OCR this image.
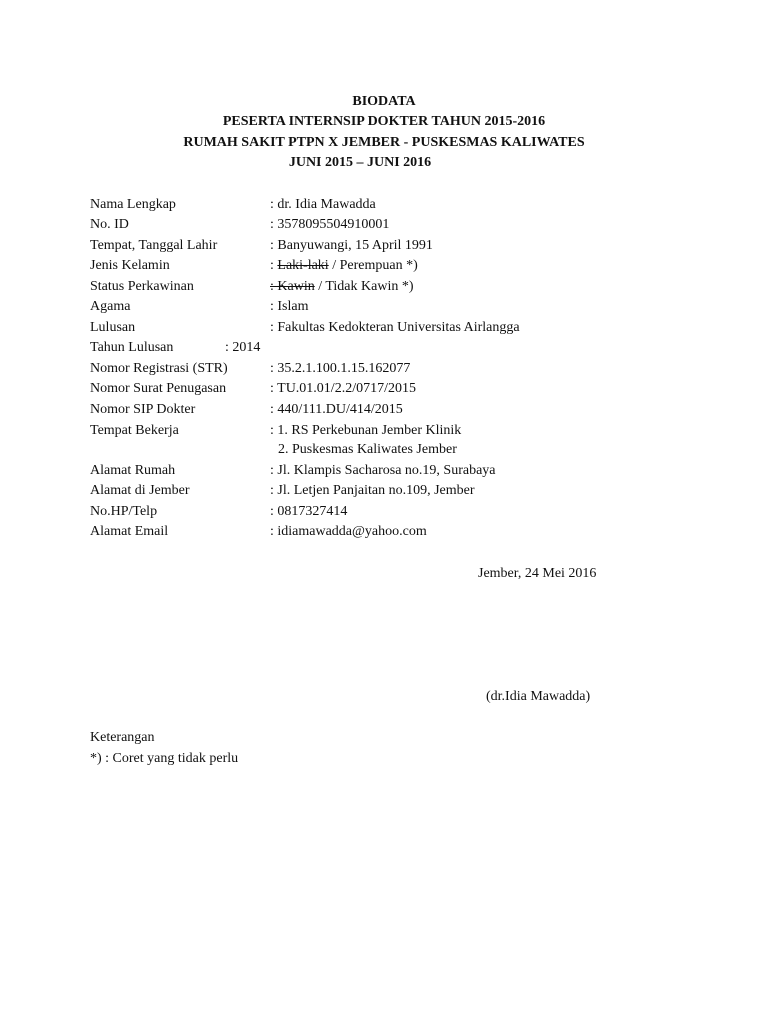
BIODATA
PESERTA INTERNSIP DOKTER TAHUN 2015-2016
RUMAH SAKIT PTPN X JEMBER - PUSKESMAS KALIWATES
JUNI 2015 – JUNI 2016
Nama Lengkap	: dr. Idia Mawadda
No. ID	: 3578095504910001
Tempat, Tanggal Lahir	: Banyuwangi, 15 April 1991
Jenis Kelamin	: Laki-laki / Perempuan *)
Status Perkawinan	: Kawin / Tidak Kawin *)
Agama	: Islam
Lulusan	: Fakultas Kedokteran Universitas Airlangga
Tahun Lulusan	: 2014
Nomor Registrasi (STR)	: 35.2.1.100.1.15.162077
Nomor Surat Penugasan	: TU.01.01/2.2/0717/2015
Nomor SIP Dokter	: 440/111.DU/414/2015
Tempat Bekerja	: 1. RS Perkebunan Jember Klinik
2. Puskesmas Kaliwates Jember
Alamat Rumah	: Jl. Klampis Sacharosa no.19, Surabaya
Alamat di Jember	: Jl. Letjen Panjaitan no.109, Jember
No.HP/Telp	: 0817327414
Alamat Email	: idiamawadda@yahoo.com
Jember, 24 Mei 2016
(dr.Idia Mawadda)
Keterangan
*) : Coret yang tidak perlu
